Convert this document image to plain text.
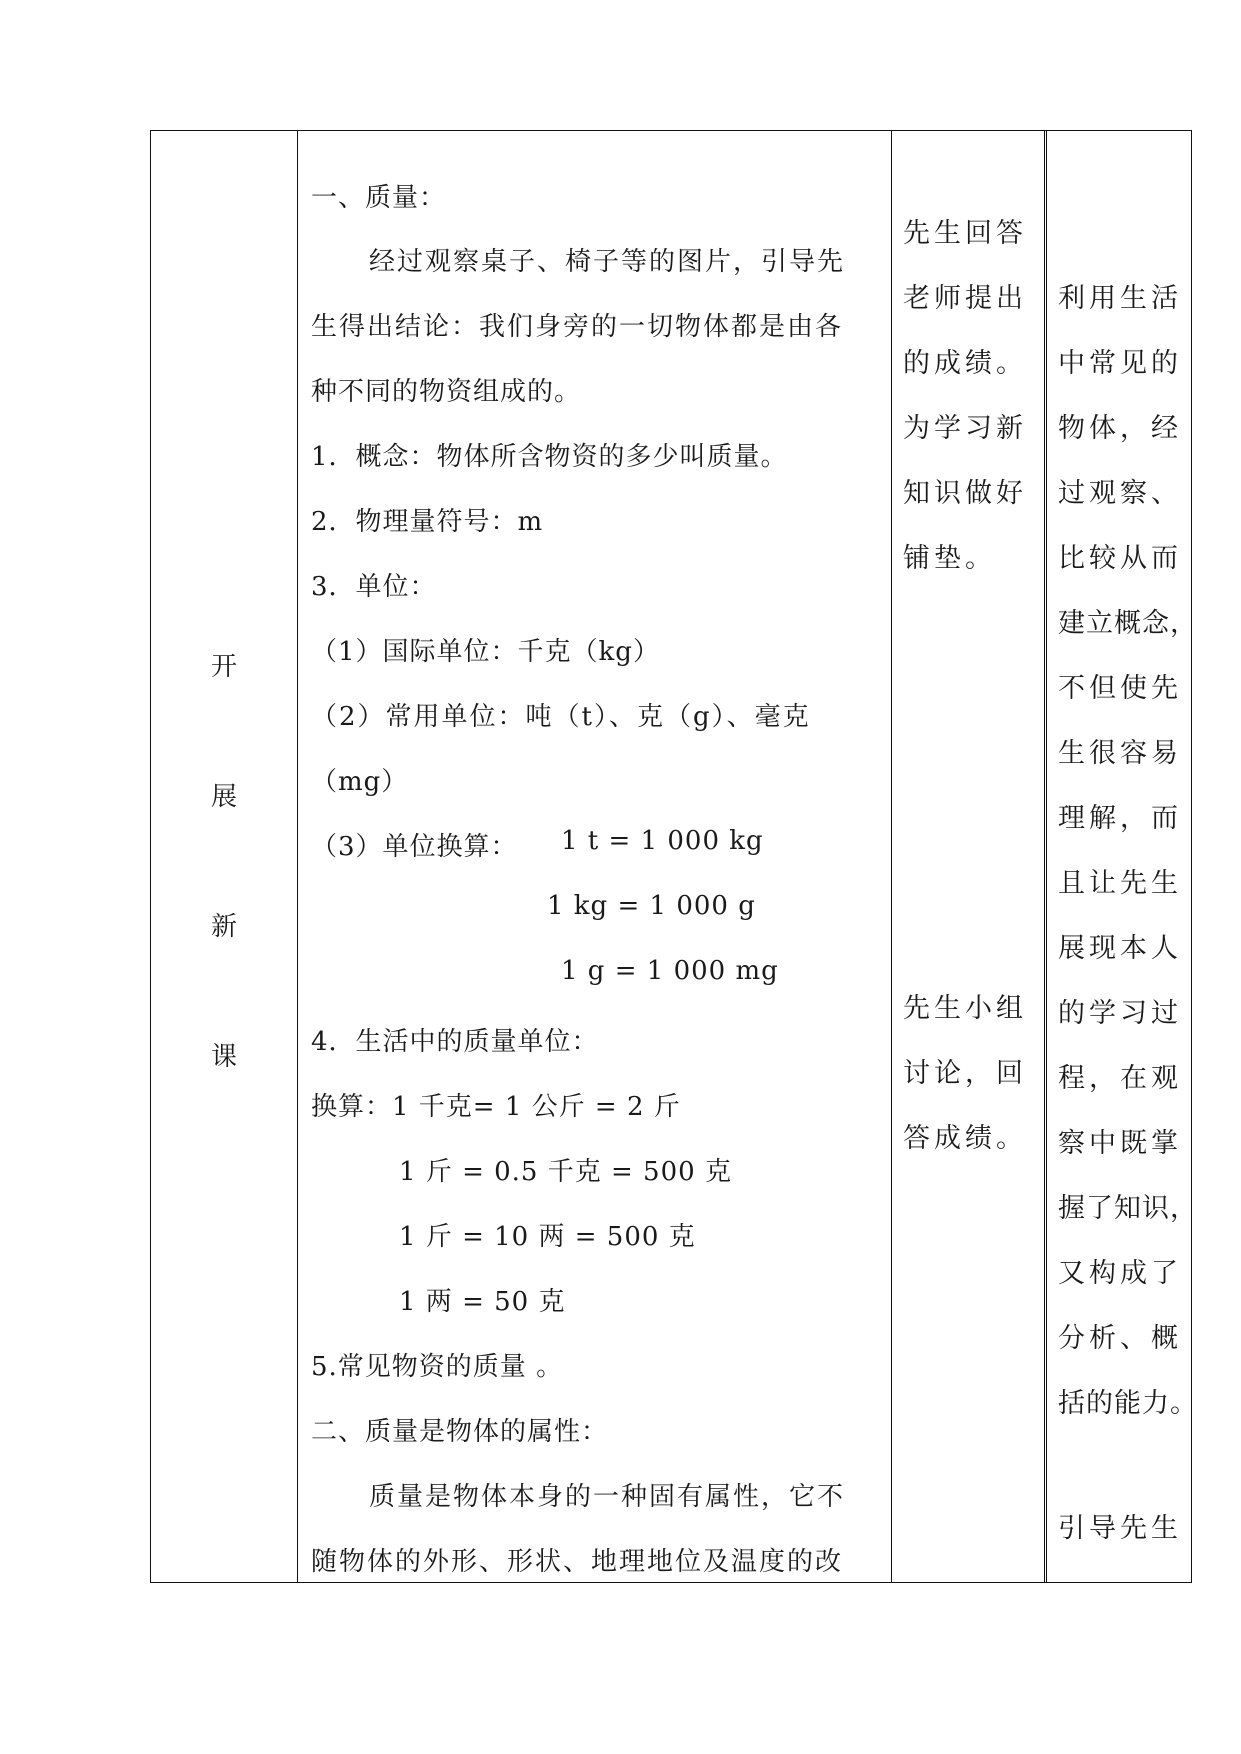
开
展
新
课
一、质量：
经过观察桌子、椅子等的图片，引导先
生得出结论：我们身旁的一切物体都是由各
种不同的物资组成的。
1．概念：物体所含物资的多少叫质量。
2．物理量符号：m
3．单位：
（1）国际单位：千克（kg）
（2）常用单位：吨（t）、克（g）、毫克
（mg）
（3）单位换算： 1 t = 1 000 kg
1 kg = 1 000 g
1 g = 1 000 mg
4．生活中的质量单位：
换算：1 千克= 1 公斤 = 2 斤
1 斤 = 0.5 千克 = 500 克
1 斤 = 10 两 = 500 克
1 两 = 50 克
5.常见物资的质量 。
二、质量是物体的属性：
质量是物体本身的一种固有属性，它不
随物体的外形、形状、地理地位及温度的改
先生回答
老师提出
的成绩。
为学习新
知识做好
铺垫。
先生小组
讨论，回
答成绩。
利用生活
中常见的
物体，经
过观察、
比较从而
建立概念，
不但使先
生很容易
理解，而
且让先生
展现本人
的学习过
程，在观
察中既掌
握了知识，
又构成了
分析、概
括的能力。
引导先生
